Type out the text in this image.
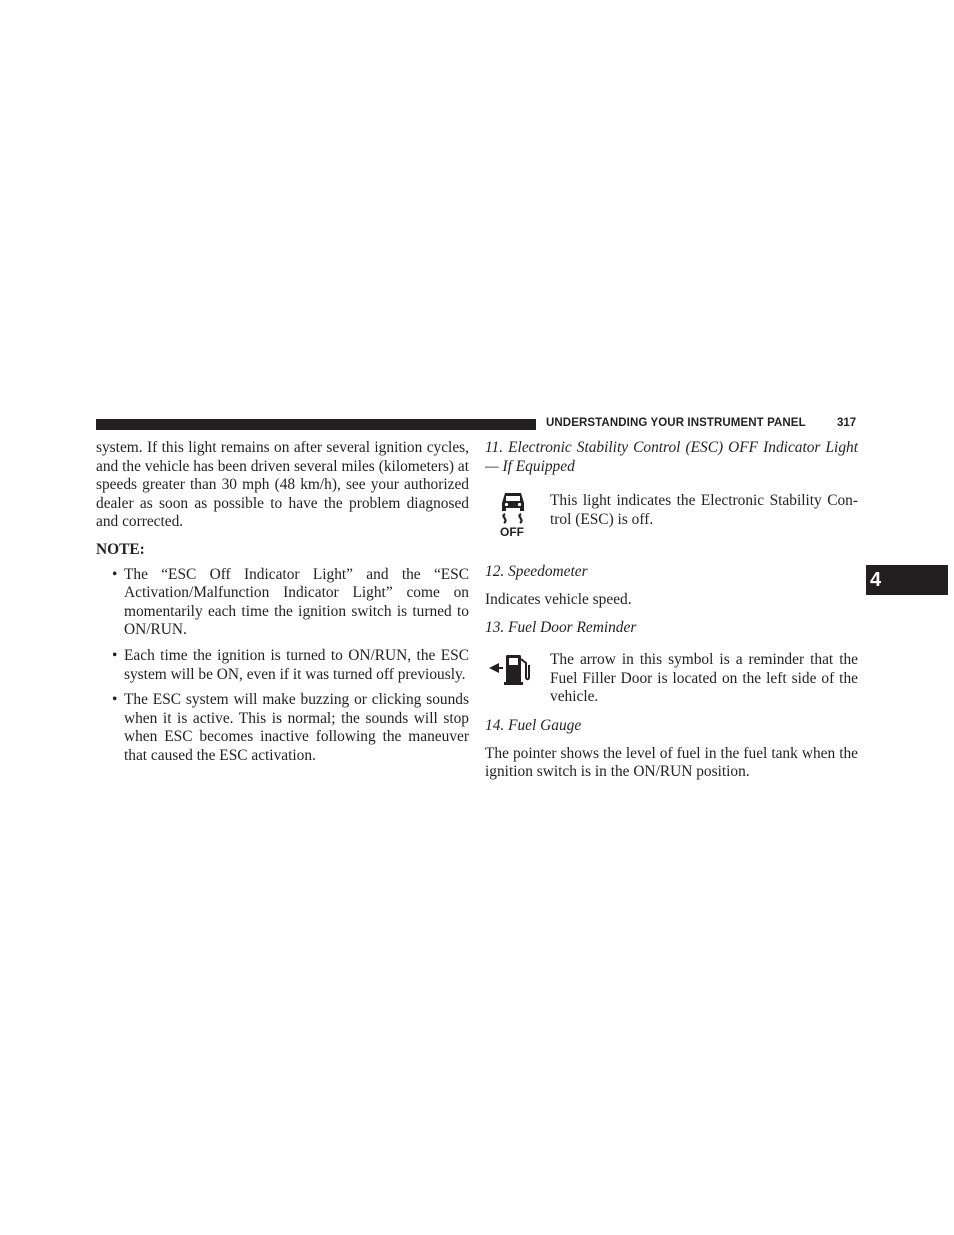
UNDERSTANDING YOUR INSTRUMENT PANEL	317
4

system. If this light remains on after several ignition cycles, and the vehicle has been driven several miles (kilometers) at speeds greater than 30 mph (48 km/h), see your authorized dealer as soon as possible to have the problem diagnosed and corrected.

NOTE:
• The “ESC Off Indicator Light” and the “ESC Activation/Malfunction Indicator Light” come on momentarily each time the ignition switch is turned to ON/RUN.
• Each time the ignition is turned to ON/RUN, the ESC system will be ON, even if it was turned off previously.
• The ESC system will make buzzing or clicking sounds when it is active. This is normal; the sounds will stop when ESC becomes inactive following the maneuver that caused the ESC activation.
11. Electronic Stability Control (ESC) OFF Indicator Light — If Equipped
OFF

This light indicates the Electronic Stability Con-trol (ESC) is off.

12. Speedometer

Indicates vehicle speed.

13. Fuel Door Reminder

The arrow in this symbol is a reminder that the Fuel Filler Door is located on the left side of the vehicle.

14. Fuel Gauge

The pointer shows the level of fuel in the fuel tank when the ignition switch is in the ON/RUN position.
